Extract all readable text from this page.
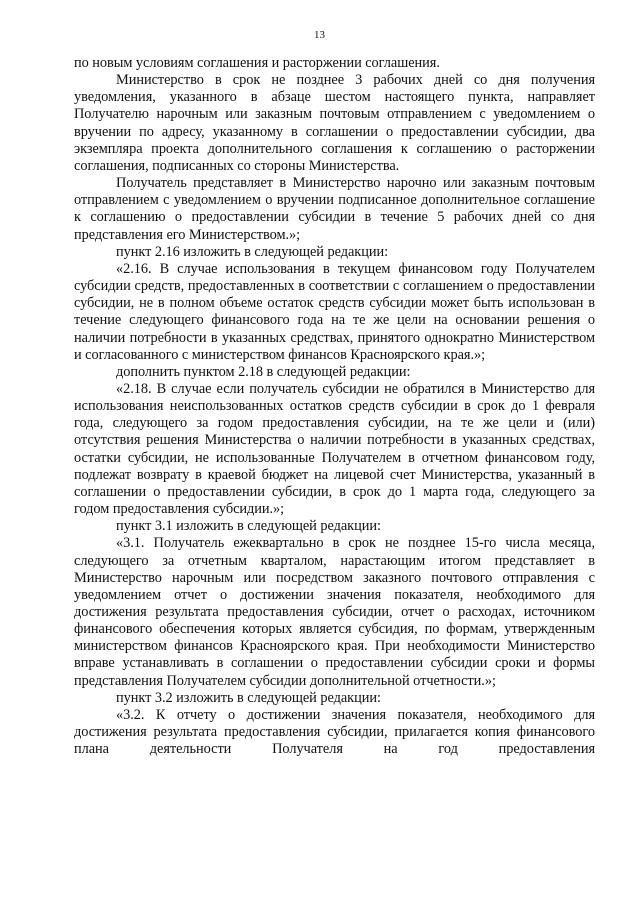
13

по новым условиям соглашения и расторжении соглашения.

Министерство в срок не позднее 3 рабочих дней со дня получения уведомления, указанного в абзаце шестом настоящего пункта, направляет Получателю нарочным или заказным почтовым отправлением с уведомлением о вручении по адресу, указанному в соглашении о предоставлении субсидии, два экземпляра проекта дополнительного соглашения к соглашению о расторжении соглашения, подписанных со стороны Министерства.

Получатель представляет в Министерство нарочно или заказным почтовым отправлением с уведомлением о вручении подписанное дополнительное соглашение к соглашению о предоставлении субсидии в течение 5 рабочих дней со дня представления его Министерством.»;

пункт 2.16 изложить в следующей редакции:

«2.16. В случае использования в текущем финансовом году Получателем субсидии средств, предоставленных в соответствии с соглашением о предоставлении субсидии, не в полном объеме остаток средств субсидии может быть использован в течение следующего финансового года на те же цели на основании решения о наличии потребности в указанных средствах, принятого однократно Министерством и согласованного с министерством финансов Красноярского края.»;

дополнить пунктом 2.18 в следующей редакции:

«2.18. В случае если получатель субсидии не обратился в Министерство для использования неиспользованных остатков средств субсидии в срок до 1 февраля года, следующего за годом предоставления субсидии, на те же цели и (или) отсутствия решения Министерства о наличии потребности в указанных средствах, остатки субсидии, не использованные Получателем в отчетном финансовом году, подлежат возврату в краевой бюджет на лицевой счет Министерства, указанный в соглашении о предоставлении субсидии, в срок до 1 марта года, следующего за годом предоставления субсидии.»;

пункт 3.1 изложить в следующей редакции:

«3.1. Получатель ежеквартально в срок не позднее 15-го числа месяца, следующего за отчетным кварталом, нарастающим итогом представляет в Министерство нарочным или посредством заказного почтового отправления с уведомлением отчет о достижении значения показателя, необходимого для достижения результата предоставления субсидии, отчет о расходах, источником финансового обеспечения которых является субсидия, по формам, утвержденным министерством финансов Красноярского края. При необходимости Министерство вправе устанавливать в соглашении о предоставлении субсидии сроки и формы представления Получателем субсидии дополнительной отчетности.»;

пункт 3.2 изложить в следующей редакции:

«3.2. К отчету о достижении значения показателя, необходимого для достижения результата предоставления субсидии, прилагается копия финансового плана деятельности Получателя на год предоставления
